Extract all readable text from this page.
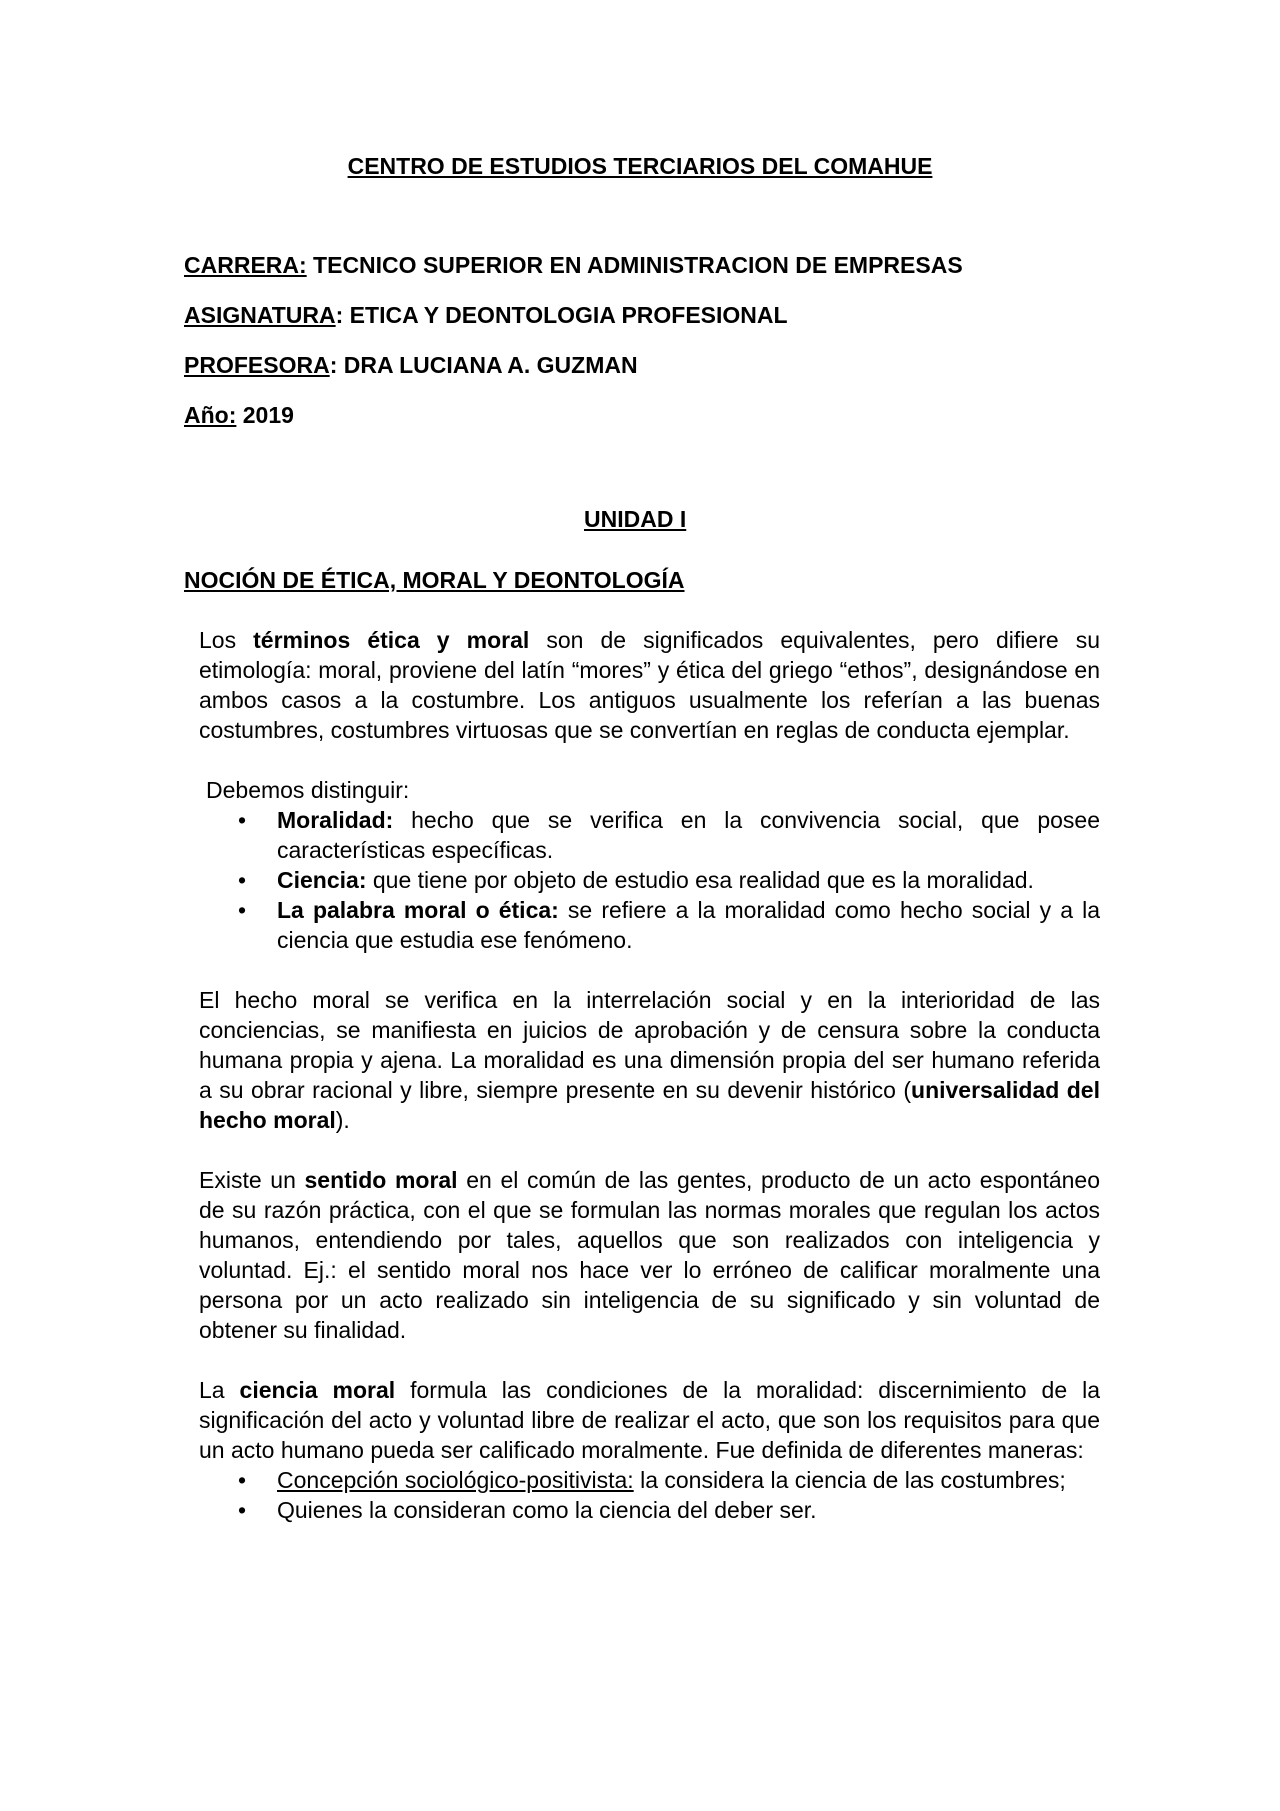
CENTRO DE ESTUDIOS TERCIARIOS DEL COMAHUE
CARRERA: TECNICO SUPERIOR EN ADMINISTRACION DE EMPRESAS
ASIGNATURA: ETICA Y DEONTOLOGIA PROFESIONAL
PROFESORA: DRA LUCIANA A. GUZMAN
Año: 2019
UNIDAD I
NOCIÓN DE ÉTICA, MORAL Y DEONTOLOGÍA

Los términos ética y moral son de significados equivalentes, pero difiere su etimología: moral, proviene del latín “mores” y ética del griego “ethos”, designándose en ambos casos a la costumbre. Los antiguos usualmente los referían a las buenas costumbres, costumbres virtuosas que se convertían en reglas de conducta ejemplar.

Debemos distinguir:

• Moralidad: hecho que se verifica en la convivencia social, que posee características específicas.
• Ciencia: que tiene por objeto de estudio esa realidad que es la moralidad.
• La palabra moral o ética: se refiere a la moralidad como hecho social y a la ciencia que estudia ese fenómeno.

El hecho moral se verifica en la interrelación social y en la interioridad de las conciencias, se manifiesta en juicios de aprobación y de censura sobre la conducta humana propia y ajena. La moralidad es una dimensión propia del ser humano referida a su obrar racional y libre, siempre presente en su devenir histórico (universalidad del hecho moral).

Existe un sentido moral en el común de las gentes, producto de un acto espontáneo de su razón práctica, con el que se formulan las normas morales que regulan los actos humanos, entendiendo por tales, aquellos que son realizados con inteligencia y voluntad. Ej.: el sentido moral nos hace ver lo erróneo de calificar moralmente una persona por un acto realizado sin inteligencia de su significado y sin voluntad de obtener su finalidad.

La ciencia moral formula las condiciones de la moralidad: discernimiento de la significación del acto y voluntad libre de realizar el acto, que son los requisitos para que un acto humano pueda ser calificado moralmente. Fue definida de diferentes maneras:

• Concepción sociológico-positivista: la considera la ciencia de las costumbres;
• Quienes la consideran como la ciencia del deber ser.
